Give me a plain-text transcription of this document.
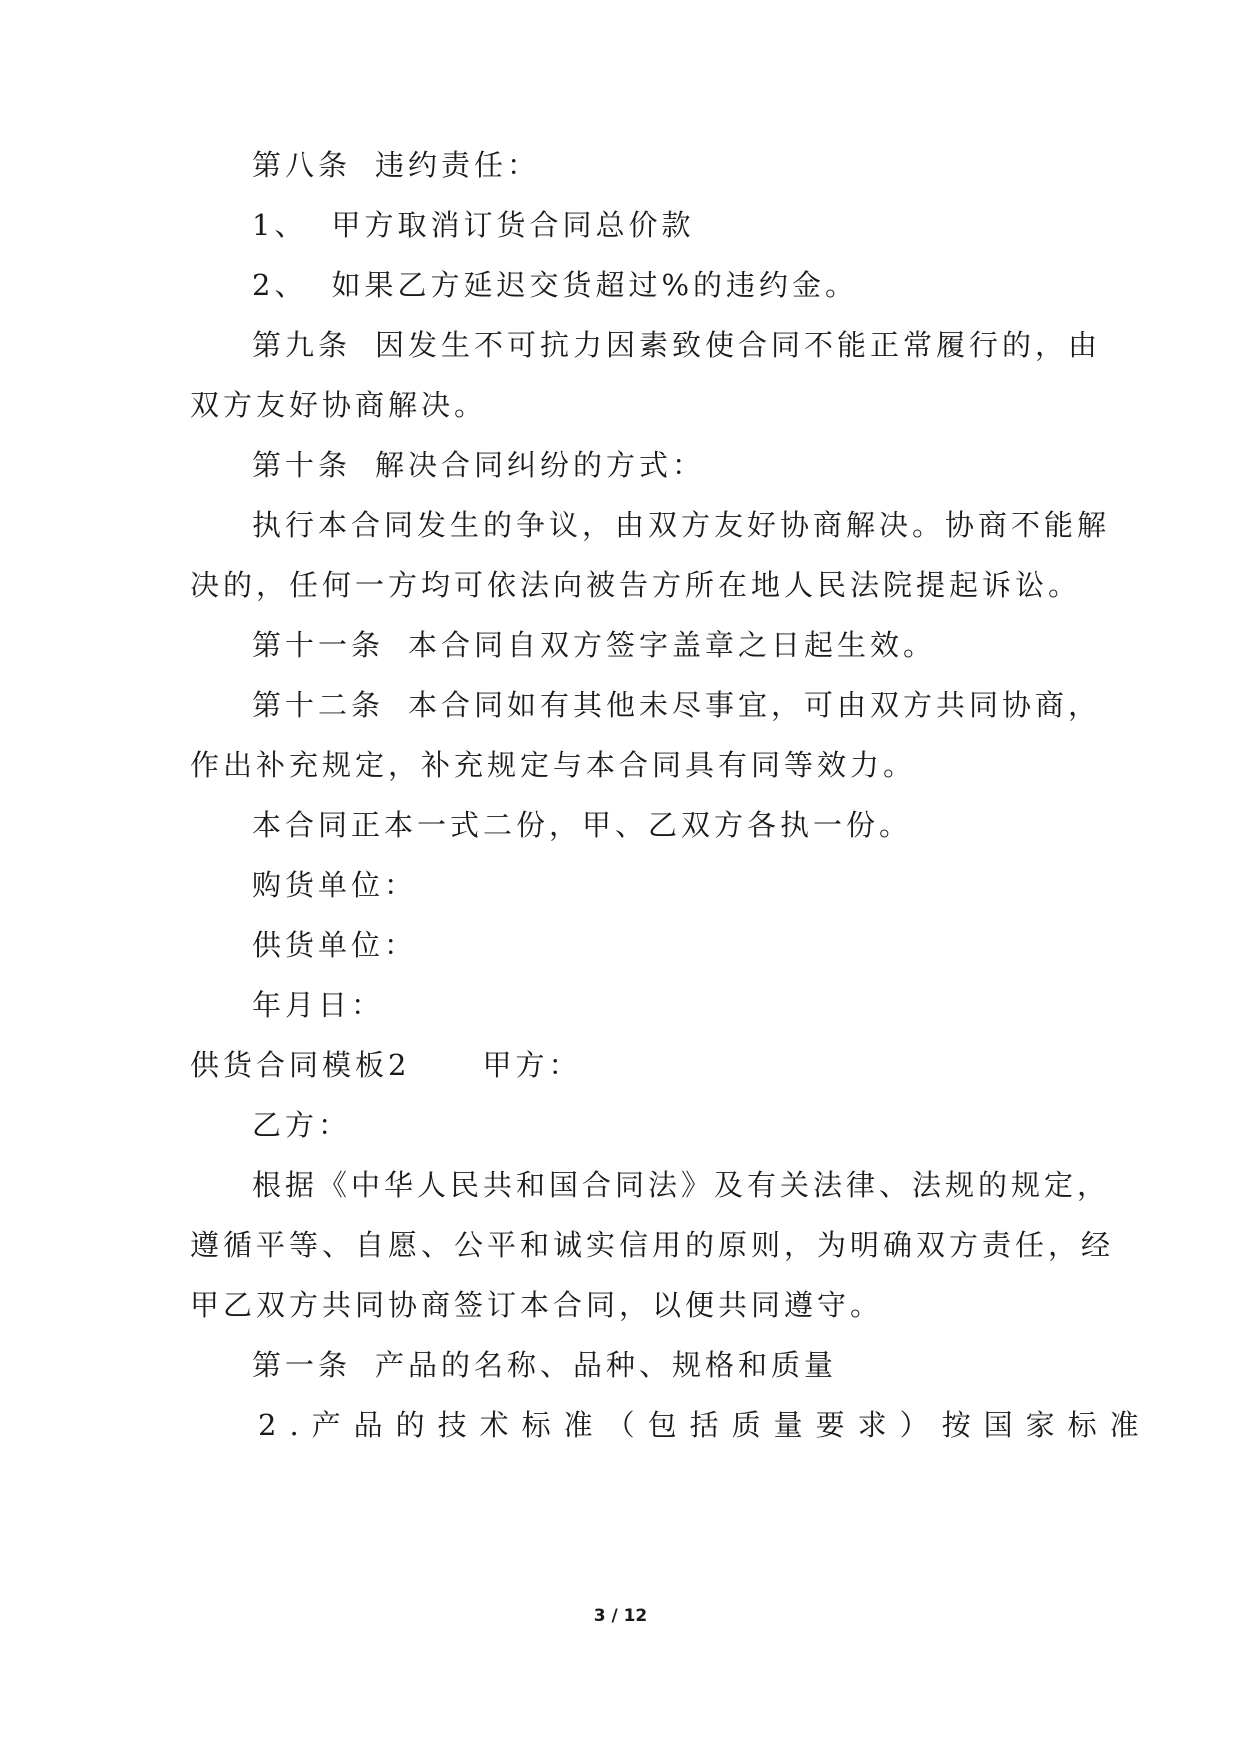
第八条 违约责任：
1、 甲方取消订货合同总价款
2、 如果乙方延迟交货超过%的违约金。
第九条 因发生不可抗力因素致使合同不能正常履行的，由
双方友好协商解决。
第十条 解决合同纠纷的方式：
执行本合同发生的争议，由双方友好协商解决。协商不能解
决的，任何一方均可依法向被告方所在地人民法院提起诉讼。
第十一条 本合同自双方签字盖章之日起生效。
第十二条 本合同如有其他未尽事宜，可由双方共同协商，
作出补充规定，补充规定与本合同具有同等效力。
本合同正本一式二份，甲、乙双方各执一份。
购货单位：
供货单位：
年月日：
供货合同模板2 甲方：
乙方：
根据《中华人民共和国合同法》及有关法律、法规的规定，
遵循平等、自愿、公平和诚实信用的原则，为明确双方责任，经
甲乙双方共同协商签订本合同，以便共同遵守。
第一条 产品的名称、品种、规格和质量
2.产品的技术标准（包括质量要求）按国家标准
3 / 12
